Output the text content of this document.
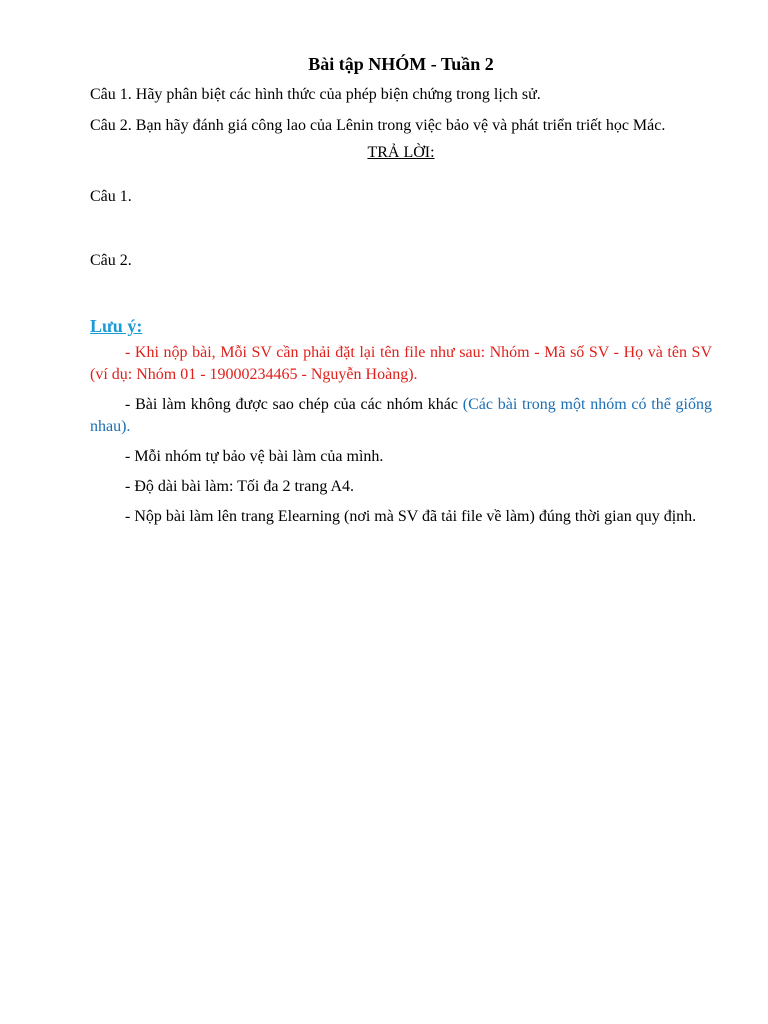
Bài tập NHÓM - Tuần 2

Câu 1. Hãy phân biệt các hình thức của phép biện chứng trong lịch sử.

Câu 2. Bạn hãy đánh giá công lao của Lênin trong việc bảo vệ và phát triển triết học Mác.

TRẢ LỜI:

Câu 1.

Câu 2.

Lưu ý:

- Khi nộp bài, Mỗi SV cần phải đặt lại tên file như sau: Nhóm - Mã số SV - Họ và tên SV (ví dụ: Nhóm 01 - 19000234465 - Nguyễn Hoàng).

- Bài làm không được sao chép của các nhóm khác (Các bài trong một nhóm có thể giống nhau).

- Mỗi nhóm tự bảo vệ bài làm của mình.

- Độ dài bài làm: Tối đa 2 trang A4.

- Nộp bài làm lên trang Elearning (nơi mà SV đã tải file về làm) đúng thời gian quy định.
